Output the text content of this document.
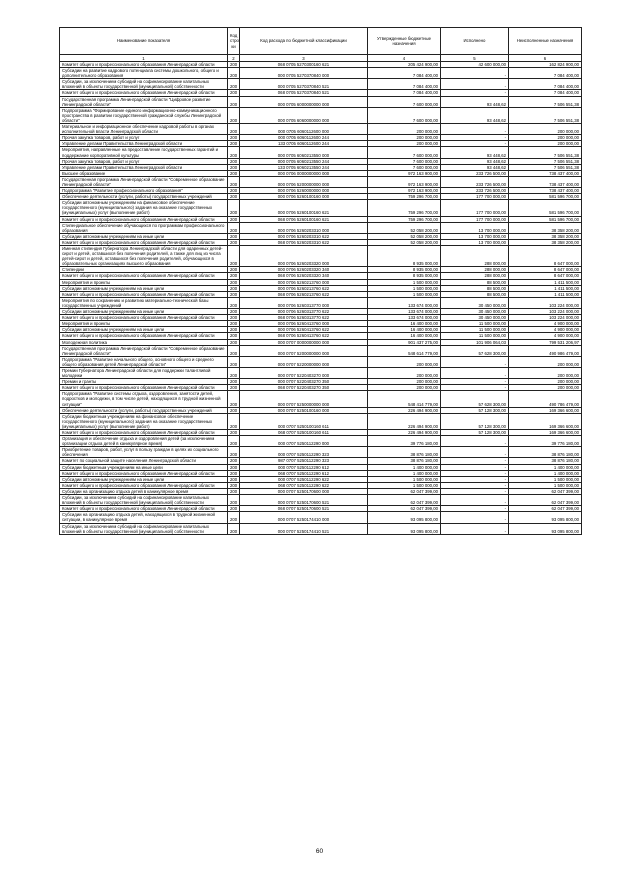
Наименование показателя	Код стро ки	Код расхода по бюджетной классификации	Утвержденные бюджетные назначения	Исполнено	Неисполненные назначения
1	2	3	4	5	6
Комитет общего и профессионального образования Ленинградской области	200	068 0705 5270300160 621	205 424 900,00	42 600 000,00	162 824 900,00
Субсидии на развитие кадрового потенциала системы дошкольного, общего и дополнительного образования	200	000 0705 5270370840 000	7 084 400,00	-	7 084 400,00
Субсидии, за исключением субсидий на софинансирование капитальных вложений в объекты государственной (муниципальной) собственности	200	000 0705 5270370840 521	7 084 400,00	-	7 084 400,00
Комитет общего и профессионального образования Ленинградской области	200	068 0705 5270370840 521	7 084 400,00	-	7 084 400,00
Государственная программа Ленинградской области "Цифровое развитие Ленинградской области"	200	000 0705 6000000000 000	7 600 000,00	93 448,62	7 506 551,38
Подпрограмма "Формирование единого информационно-коммуникационного пространства в развитии государственной гражданской службы Ленинградской области"	200	000 0705 6060000000 000	7 600 000,00	93 448,62	7 506 551,38
Материальное и информационное обеспечение кадровой работы в органах исполнительной власти Ленинградской области	200	000 0705 6060112600 000	200 000,00	-	200 000,00
Прочая закупка товаров, работ и услуг	200	000 0705 6060112600 244	200 000,00	-	200 000,00
Управление делами Правительства Ленинградской области	200	133 0705 6060112600 244	200 000,00	-	200 000,00
Мероприятия, направленные на предоставление государственных гарантий и поддержание корпоративной культуры	200	000 0705 6060213550 000	7 600 000,00	93 448,62	7 506 551,38
Прочая закупка товаров, работ и услуг	200	000 0705 6060213550 244	7 600 000,00	93 448,62	7 506 551,38
Управление делами Правительства Ленинградской области	200	133 0705 6060213550 244	7 600 000,00	93 448,62	7 506 551,38
Высшее образование	200	000 0706 0000000000 000	972 163 900,00	233 726 500,00	738 437 400,00
Государственная программа Ленинградской области "Современное образование Ленинградской области"	200	000 0706 5200000000 000	972 163 900,00	233 726 500,00	738 437 400,00
Подпрограмма "Развитие профессионального образования"	200	000 0706 5260000000 000	972 163 900,00	233 726 500,00	738 437 400,00
Обеспечение деятельности (услуги, работы) государственных учреждений	200	000 0706 5260100160 000	759 296 700,00	177 700 000,00	581 596 700,00
Субсидии автономным учреждениям на финансовое обеспечение государственного (муниципального) задания на оказание государственных (муниципальных) услуг (выполнение работ)	200	000 0706 5260100160 621	759 296 700,00	177 700 000,00	581 596 700,00
Комитет общего и профессионального образования Ленинградской области	200	068 0706 5260100160 621	759 296 700,00	177 700 000,00	581 596 700,00
Стипендиальное обеспечение обучающихся по программам профессионального образования	200	000 0706 5260203310 000	52 058 200,00	13 700 000,00	38 358 200,00
Субсидии автономным учреждениям на иные цели	200	000 0706 5260203310 622	52 058 200,00	13 700 000,00	38 358 200,00
Комитет общего и профессионального образования Ленинградской области	200	068 0706 5260203310 622	52 058 200,00	13 700 000,00	38 358 200,00
Именная стипендия Губернатора Ленинградской области для одаренных детей-сирот и детей, оставшихся без попечения родителей, а также для лиц из числа детей-сирот и детей, оставшихся без попечения родителей, обучающихся в образовательных организациях высшего образования	200	000 0706 5260203320 000	8 935 000,00	288 000,00	8 647 000,00
Стипендии	200	000 0706 5260203320 340	8 935 000,00	288 000,00	8 647 000,00
Комитет общего и профессионального образования Ленинградской области	200	068 0706 5260203320 340	8 935 000,00	288 000,00	8 647 000,00
Мероприятия и проекты	200	000 0706 5260213760 000	1 500 000,00	88 500,00	1 411 500,00
Субсидии автономным учреждениям на иные цели	200	000 0706 5260213760 622	1 500 000,00	88 500,00	1 411 500,00
Комитет общего и профессионального образования Ленинградской области	200	068 0706 5260213760 622	1 500 000,00	88 500,00	1 411 500,00
Мероприятия по сохранению и развитию материально-технической базы государственных учреждений	200	000 0706 5260313770 000	133 674 000,00	30 450 000,00	103 224 000,00
Субсидии автономным учреждениям на иные цели	200	000 0706 5260313770 622	133 674 000,00	30 450 000,00	103 224 000,00
Комитет общего и профессионального образования Ленинградской области	200	068 0706 5260313770 622	133 674 000,00	30 450 000,00	103 224 000,00
Мероприятия и проекты	200	000 0706 5260413760 000	16 400 000,00	11 500 000,00	4 900 000,00
Субсидии автономным учреждениям на иные цели	200	000 0706 5260413760 622	16 400 000,00	11 500 000,00	4 900 000,00
Комитет общего и профессионального образования Ленинградской области	200	068 0706 5260413760 622	16 400 000,00	11 500 000,00	4 900 000,00
Молодежная политика	200	000 0707 0000000000 000	901 437 275,00	101 906 064,03	799 531 206,97
Государственная программа Ленинградской области "Современное образование Ленинградской области"	200	000 0707 5200000000 000	548 614 779,00	57 628 300,00	490 986 479,00
Подпрограмма "Развитие начального общего, основного общего и среднего общего образования детей Ленинградской области"	200	000 0707 5220000000 000	200 000,00	-	200 000,00
Премии Губернатора Ленинградской области для поддержки талантливой молодежи	200	000 0707 5220403270 000	200 000,00	-	200 000,00
Премии и гранты	200	000 0707 5220403270 350	200 000,00	-	200 000,00
Комитет общего и профессионального образования Ленинградской области	200	068 0707 5220403270 350	200 000,00	-	200 000,00
Подпрограмма "Развитие системы отдыха, оздоровления, занятости детей, подростков и молодежи, в том числе детей, находящихся в трудной жизненной ситуации"	200	000 0707 5250000000 000	548 414 779,00	57 628 300,00	490 786 479,00
Обеспечение деятельности (услуги, работы) государственных учреждений	200	000 0707 5250100160 000	226 494 900,00	57 128 300,00	169 366 600,00
Субсидии бюджетным учреждениям на финансовое обеспечение государственного (муниципального) задания на оказание государственных (муниципальных) услуг (выполнение работ)	200	000 0707 5250100160 611	226 494 900,00	57 128 300,00	169 366 600,00
Комитет общего и профессионального образования Ленинградской области	200	068 0707 5250100160 611	226 494 900,00	57 128 300,00	169 366 600,00
Организация и обеспечение отдыха и оздоровления детей (за исключением организации отдыха детей в каникулярное время)	200	000 0707 5250112290 000	39 776 180,00	-	39 776 180,00
Приобретение товаров, работ, услуг в пользу граждан в целях их социального обеспечения	200	000 0707 5250112290 323	38 876 180,00	-	38 876 180,00
Комитет по социальной защите населения Ленинградской области	200	987 0707 5250112290 323	38 876 180,00	-	38 876 180,00
Субсидии бюджетным учреждениям на иные цели	200	000 0707 5250112290 612	1 400 000,00	-	1 400 000,00
Комитет общего и профессионального образования Ленинградской области	200	068 0707 5250112290 612	1 400 000,00	-	1 400 000,00
Субсидии автономным учреждениям на иные цели	200	000 0707 5250112290 622	1 500 000,00	-	1 500 000,00
Комитет общего и профессионального образования Ленинградской области	200	068 0707 5250112290 622	1 500 000,00	-	1 500 000,00
Субсидии на организацию отдыха детей в каникулярное время	200	000 0707 5250170600 000	62 047 399,00	-	62 047 399,00
Субсидии, за исключением субсидий на софинансирование капитальных вложений в объекты государственной (муниципальной) собственности	200	000 0707 5250170600 521	62 047 399,00	-	62 047 399,00
Комитет общего и профессионального образования Ленинградской области	200	068 0707 5250170600 521	62 047 399,00	-	62 047 399,00
Субсидии на организацию отдыха детей, находящихся в трудной жизненной ситуации, в каникулярное время	200	000 0707 5250174410 000	93 095 800,00	-	93 095 800,00
Субсидии, за исключением субсидий на софинансирование капитальных вложений в объекты государственной (муниципальной) собственности	200	000 0707 5250174410 521	93 095 800,00	-	93 095 800,00
60
